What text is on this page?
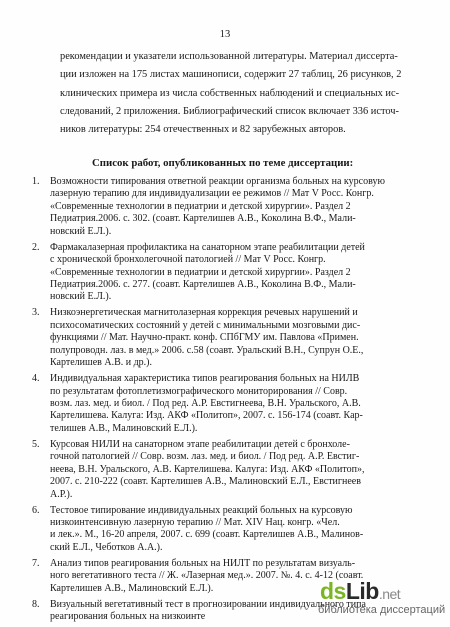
13
рекомендации и указатели использованной литературы. Материал диссерта-
ции изложен на 175 листах машинописи, содержит 27 таблиц, 26 рисунков, 2
клинических примера из числа собственных наблюдений и специальных ис-
следований, 2 приложения. Библиографический список включает 336 источ-
ников литературы: 254 отечественных и 82 зарубежных авторов.
Список работ, опубликованных по теме диссертации:
1. Возможности типирования ответной реакции организма больных на курсовую
лазерную терапию для индивидуализации ее режимов // Мат V Росс. Конгр.
«Современные технологии в педиатрии и детской хирургии». Раздел 2
Педиатрия.2006. с. 302. (соавт. Картелишев А.В., Коколина В.Ф., Мали-
новский Е.Л.).
2. Фармакалазерная профилактика на санаторном этапе реабилитации детей
с хронической бронхолегочной патологией // Мат V Росс. Конгр.
«Современные технологии в педиатрии и детской хирургии». Раздел 2
Педиатрия.2006. с. 277. (соавт. Картелишев А.В., Коколина В.Ф., Мали-
новский Е.Л.).
3. Низкоэнергетическая магнитолазерная коррекция речевых нарушений и
психосоматических состояний у детей с минимальными мозговыми дис-
функциями // Мат. Научно-практ. конф. СПбГМУ им. Павлова «Примен.
полупроводн. лаз. в мед.» 2006. с.58 (соавт. Уральский В.Н., Супрун О.Е.,
Картелишев А.В. и др.).
4. Индивидуальная характеристика типов реагирования больных на НИЛВ
по результатам фотоплетизмографического мониторирования // Совр.
возм. лаз. мед. и биол. / Под ред. А.Р. Евстигнеева, В.Н. Уральского, А.В.
Картелишева. Калуга: Изд. АКФ «Политоп», 2007. с. 156-174 (соавт. Кар-
телишев А.В., Малиновский Е.Л.).
5. Курсовая НИЛИ на санаторном этапе реабилитации детей с бронхоле-
гочной патологией // Совр. возм. лаз. мед. и биол. / Под ред. А.Р. Евстиг-
неева, В.Н. Уральского, А.В. Картелишева. Калуга: Изд. АКФ «Политоп»,
2007. с. 210-222 (соавт. Картелишев А.В., Малиновский Е.Л., Евстигнеев
А.Р.).
6. Тестовое типирование индивидуальных реакций больных на курсовую
низкоинтенсивную лазерную терапию // Мат. XIV Нац. конгр. «Чел.
и лек.». М., 16-20 апреля, 2007. с. 699 (соавт. Картелишев А.В., Малинов-
ский Е.Л., Чеботков А.А.).
7. Анализ типов реагирования больных на НИЛТ по результатам визуаль-
ного вегетативного теста // Ж. «Лазерная мед.». 2007. №. 4. с. 4-12 (соавт.
Картелишев А.В., Малиновский Е.Л.).
8. Визуальный вегетативный тест в прогнозировании индивидуального типа
реагирования больных на низкоинте
dsLib.net
библиотека диссертаций
